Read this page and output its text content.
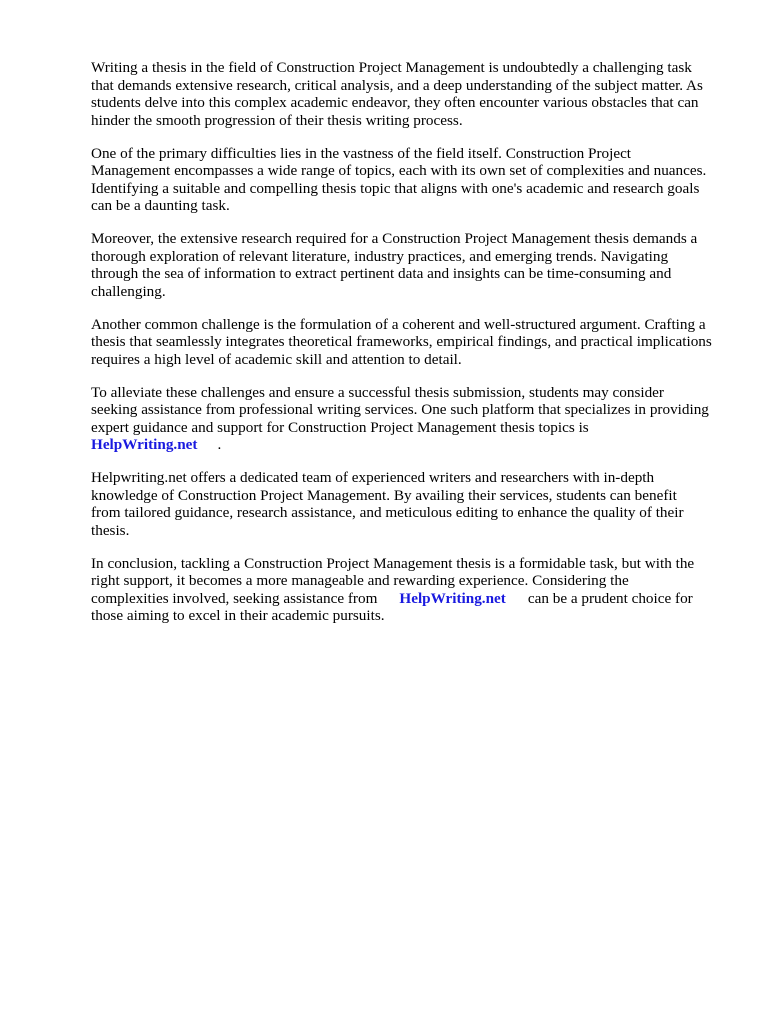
Writing a thesis in the field of Construction Project Management is undoubtedly a challenging task
that demands extensive research, critical analysis, and a deep understanding of the subject matter. As
students delve into this complex academic endeavor, they often encounter various obstacles that can
hinder the smooth progression of their thesis writing process.

One of the primary difficulties lies in the vastness of the field itself. Construction Project
Management encompasses a wide range of topics, each with its own set of complexities and nuances.
Identifying a suitable and compelling thesis topic that aligns with one's academic and research goals
can be a daunting task.

Moreover, the extensive research required for a Construction Project Management thesis demands a
thorough exploration of relevant literature, industry practices, and emerging trends. Navigating
through the sea of information to extract pertinent data and insights can be time-consuming and
challenging.

Another common challenge is the formulation of a coherent and well-structured argument. Crafting a
thesis that seamlessly integrates theoretical frameworks, empirical findings, and practical implications
requires a high level of academic skill and attention to detail.

To alleviate these challenges and ensure a successful thesis submission, students may consider
seeking assistance from professional writing services. One such platform that specializes in providing
expert guidance and support for Construction Project Management thesis topics is
HelpWriting.net .

Helpwriting.net offers a dedicated team of experienced writers and researchers with in-depth
knowledge of Construction Project Management. By availing their services, students can benefit
from tailored guidance, research assistance, and meticulous editing to enhance the quality of their
thesis.

In conclusion, tackling a Construction Project Management thesis is a formidable task, but with the
right support, it becomes a more manageable and rewarding experience. Considering the
complexities involved, seeking assistance from HelpWriting.net can be a prudent choice for
those aiming to excel in their academic pursuits.
